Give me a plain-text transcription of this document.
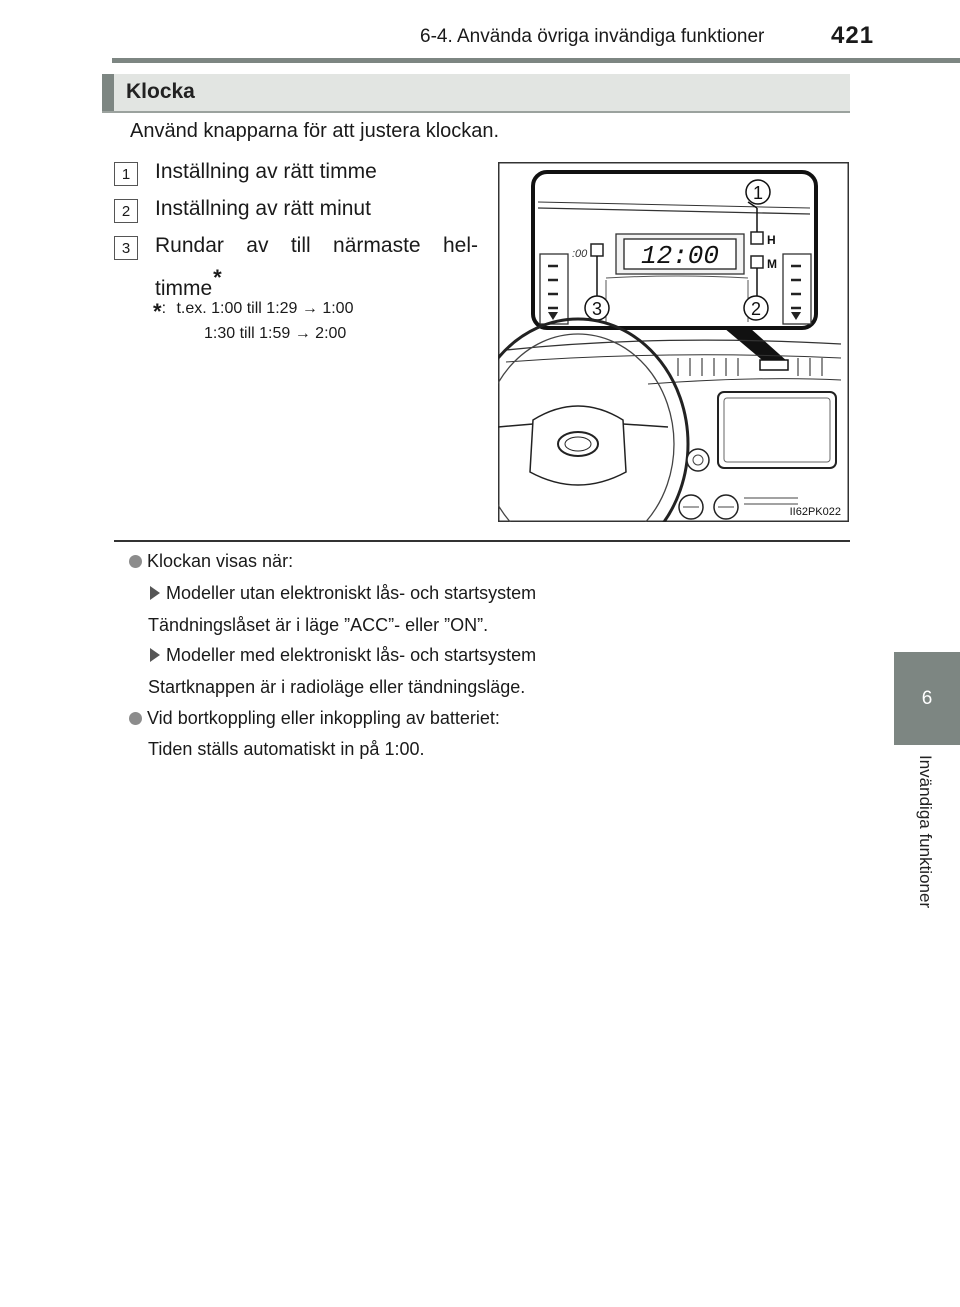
6-4. Använda övriga invändiga funktioner	421
6
Invändiga funktioner
Klocka
Använd knapparna för att justera klockan.
1	Inställning av rätt timme
2	Inställning av rätt minut
3	Rundar av till närmaste hel-
timme*
*: t.ex. 1:00 till 1:29 → 1:00
1:30 till 1:59 → 2:00
12:00
:00
H
M
1
2
3
II62PK022
Klockan visas när:
Modeller utan elektroniskt lås- och startsystem
Tändningslåset är i läge ”ACC”- eller ”ON”.
Modeller med elektroniskt lås- och startsystem
Startknappen är i radioläge eller tändningsläge.
Vid bortkoppling eller inkoppling av batteriet:
Tiden ställs automatiskt in på 1:00.
